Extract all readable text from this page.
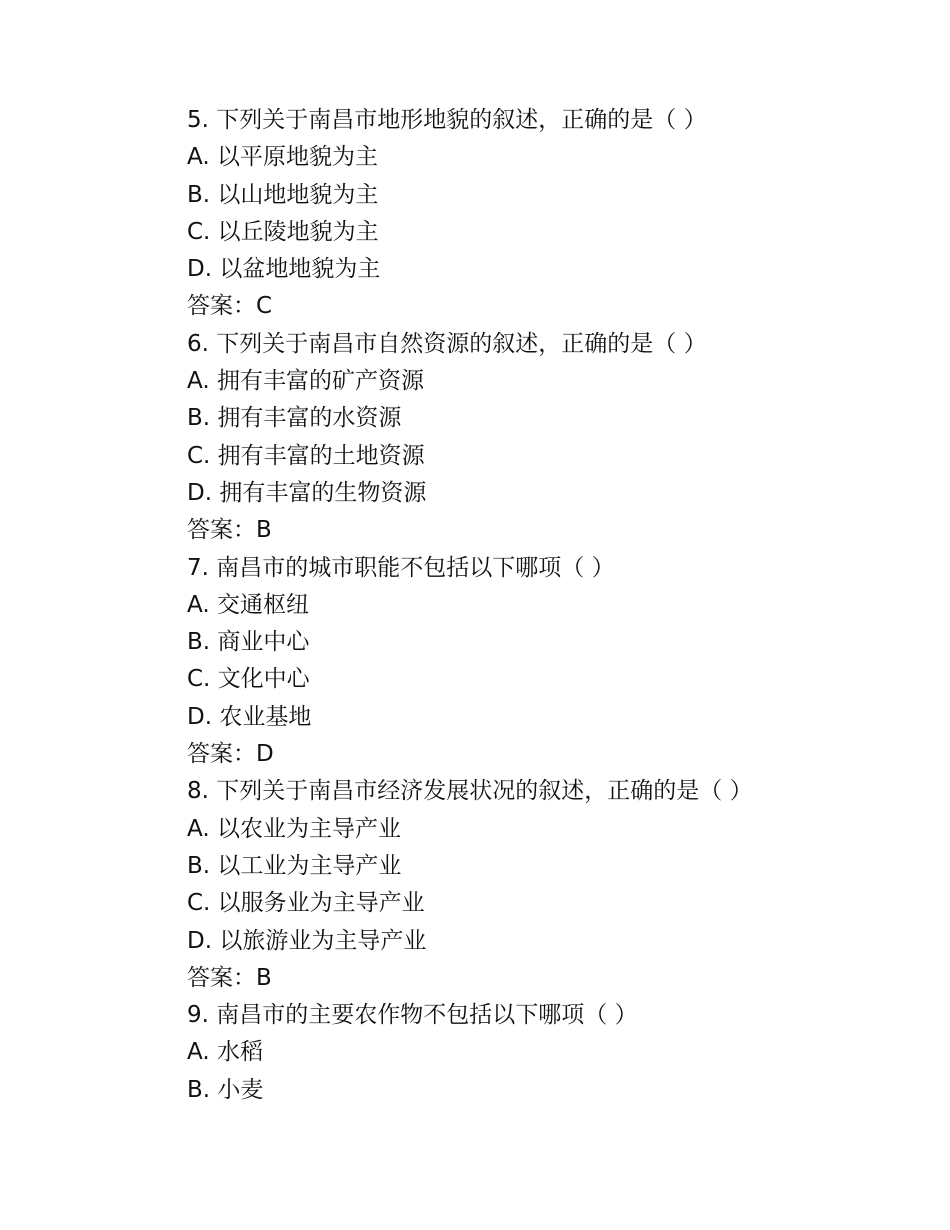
5. 下列关于南昌市地形地貌的叙述，正确的是（ ）
A. 以平原地貌为主
B. 以山地地貌为主
C. 以丘陵地貌为主
D. 以盆地地貌为主
答案：C
6. 下列关于南昌市自然资源的叙述，正确的是（ ）
A. 拥有丰富的矿产资源
B. 拥有丰富的水资源
C. 拥有丰富的土地资源
D. 拥有丰富的生物资源
答案：B
7. 南昌市的城市职能不包括以下哪项（ ）
A. 交通枢纽
B. 商业中心
C. 文化中心
D. 农业基地
答案：D
8. 下列关于南昌市经济发展状况的叙述，正确的是（ ）
A. 以农业为主导产业
B. 以工业为主导产业
C. 以服务业为主导产业
D. 以旅游业为主导产业
答案：B
9. 南昌市的主要农作物不包括以下哪项（ ）
A. 水稻
B. 小麦
